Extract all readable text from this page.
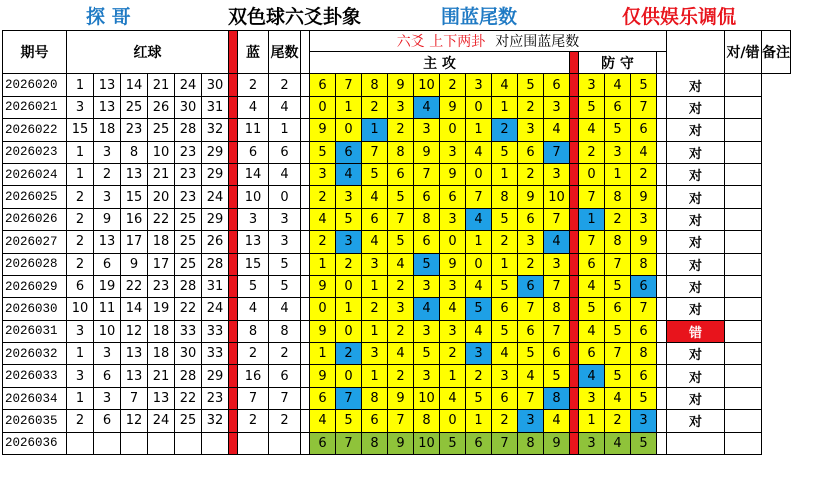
探 哥	双色球六爻卦象	围蓝尾数	仅供娱乐调侃
期号	红球							蓝	尾数		六爻 上下两卦 对应围蓝尾数																对/错	备注
											主 攻											防 守						
2026020	1	13	14	21	24	30		2	2		6	7	8	9	10	2	3	4	5	6		3	4	5		对		
2026021	3	13	25	26	30	31		4	4		0	1	2	3	4	9	0	1	2	3		5	6	7		对		
2026022	15	18	23	25	28	32		11	1		9	0	1	2	3	0	1	2	3	4		4	5	6		对		
2026023	1	3	8	10	23	29		6	6		5	6	7	8	9	3	4	5	6	7		2	3	4		对		
2026024	1	2	13	21	23	29		14	4		3	4	5	6	7	9	0	1	2	3		0	1	2		对		
2026025	2	3	15	20	23	24		10	0		2	3	4	5	6	6	7	8	9	10		7	8	9		对		
2026026	2	9	16	22	25	29		3	3		4	5	6	7	8	3	4	5	6	7		1	2	3		对		
2026027	2	13	17	18	25	26		13	3		2	3	4	5	6	0	1	2	3	4		7	8	9		对		
2026028	2	6	9	17	25	28		15	5		1	2	3	4	5	9	0	1	2	3		6	7	8		对		
2026029	6	19	22	23	28	31		5	5		9	0	1	2	3	3	4	5	6	7		4	5	6		对		
2026030	10	11	14	19	22	24		4	4		0	1	2	3	4	4	5	6	7	8		5	6	7		对		
2026031	3	10	12	18	33	33		8	8		9	0	1	2	3	3	4	5	6	7		4	5	6		错		
2026032	1	3	13	18	30	33		2	2		1	2	3	4	5	2	3	4	5	6		6	7	8		对		
2026033	3	6	13	21	28	29		16	6		9	0	1	2	3	1	2	3	4	5		4	5	6		对		
2026034	1	3	7	13	22	23		7	7		6	7	8	9	10	4	5	6	7	8		3	4	5		对		
2026035	2	6	12	24	25	32		2	2		4	5	6	7	8	0	1	2	3	4		1	2	3		对		
2026036											6	7	8	9	10	5	6	7	8	9		3	4	5				
